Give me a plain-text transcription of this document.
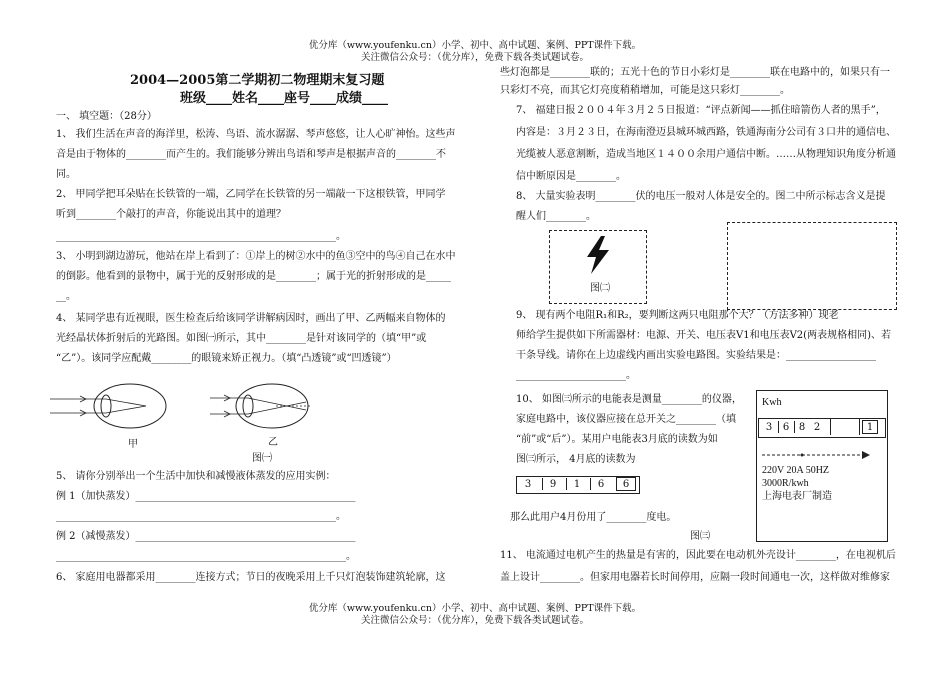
优分库（www.youfenku.cn）小学、初中、高中试题、案例、PPT课件下载。
关注微信公众号：（优分库），免费下载各类试题试卷。
2004—2005第二学期初二物理期末复习题
班级____姓名____座号____成绩____
一、 填空题：（28分）
1、 我们生活在声音的海洋里，松涛、鸟语、流水潺潺、琴声悠悠，让人心旷神怡。这些声
音是由于物体的________而产生的。我们能够分辨出鸟语和琴声是根据声音的________不
同。
2、 甲同学把耳朵贴在长铁管的一端，乙同学在长铁管的另一端敲一下这根铁管，甲同学
听到________个敲打的声音，你能说出其中的道理？
________________________________________________________。
3、 小明到湖边游玩，他站在岸上看到了：①岸上的树②水中的鱼③空中的鸟④自己在水中
的倒影。他看到的景物中，属于光的反射形成的是________；属于光的折射形成的是_____
__。
4、 某同学患有近视眼，医生检查后给该同学讲解病因时，画出了甲、乙两幅来自物体的
光经晶状体折射后的光路图。如图㈠所示，其中________是针对该同学的（填“甲”或
“乙”）。该同学应配戴________的眼镜来矫正视力。（填“凸透镜”或“凹透镜”）
甲	乙
图㈠
5、 请你分别举出一个生活中加快和减慢液体蒸发的应用实例：
例 1（加快蒸发）____________________________________________
________________________________________________________。
例 2（减慢蒸发）____________________________________________
__________________________________________________________。
6、 家庭用电器都采用________连接方式；节日的夜晚采用上千只灯泡装饰建筑轮廓，这
些灯泡都是________联的；五光十色的节日小彩灯是________联在电路中的，如果只有一
只彩灯不亮，而其它灯亮度稍稍增加，可能是这只彩灯________。
7、 福建日报２００４年３月２５日报道：“评点新闻——抓住暗箭伤人者的黑手”，
内容是：３月２３日，在海南澄迈县城环城西路，铁通海南分公司有３口井的通信电、
光缆被人恶意割断，造成当地区１４００余用户通信中断。……从物理知识角度分析通
信中断原因是________。
8、 大量实验表明________伏的电压一般对人体是安全的。图二中所示标志含义是提
醒人们________。
图㈡
9、 现有两个电阻R₁和R₂，要判断这两只电阻那个大？（方法多种）现老
师给学生提供如下所需器材：电源、开关、电压表V1和电压表V2(两表规格相同)、若
干条导线。请你在上边虚线内画出实验电路图。实验结果是：__________________
______________________。
10、 如图㈢所示的电能表是测量________的仪器，
家庭电路中，该仪器应接在总开关之________（填
“前”或“后”）。某用户电能表3月底的读数为如
图㈢所示， 4月底的读数为
3	9	1	6	6
那么此用户4月份用了________度电。
图㈢
Kwh
3	6 8 2	1
220V 20A 50HZ
3000R/kwh
上海电表厂制造
11、 电流通过电机产生的热量是有害的，因此要在电动机外壳设计________，在电视机后
盖上设计________。但家用电器若长时间停用，应隔一段时间通电一次，这样做对维修家
优分库（www.youfenku.cn）小学、初中、高中试题、案例、PPT课件下载。
关注微信公众号：（优分库），免费下载各类试题试卷。
